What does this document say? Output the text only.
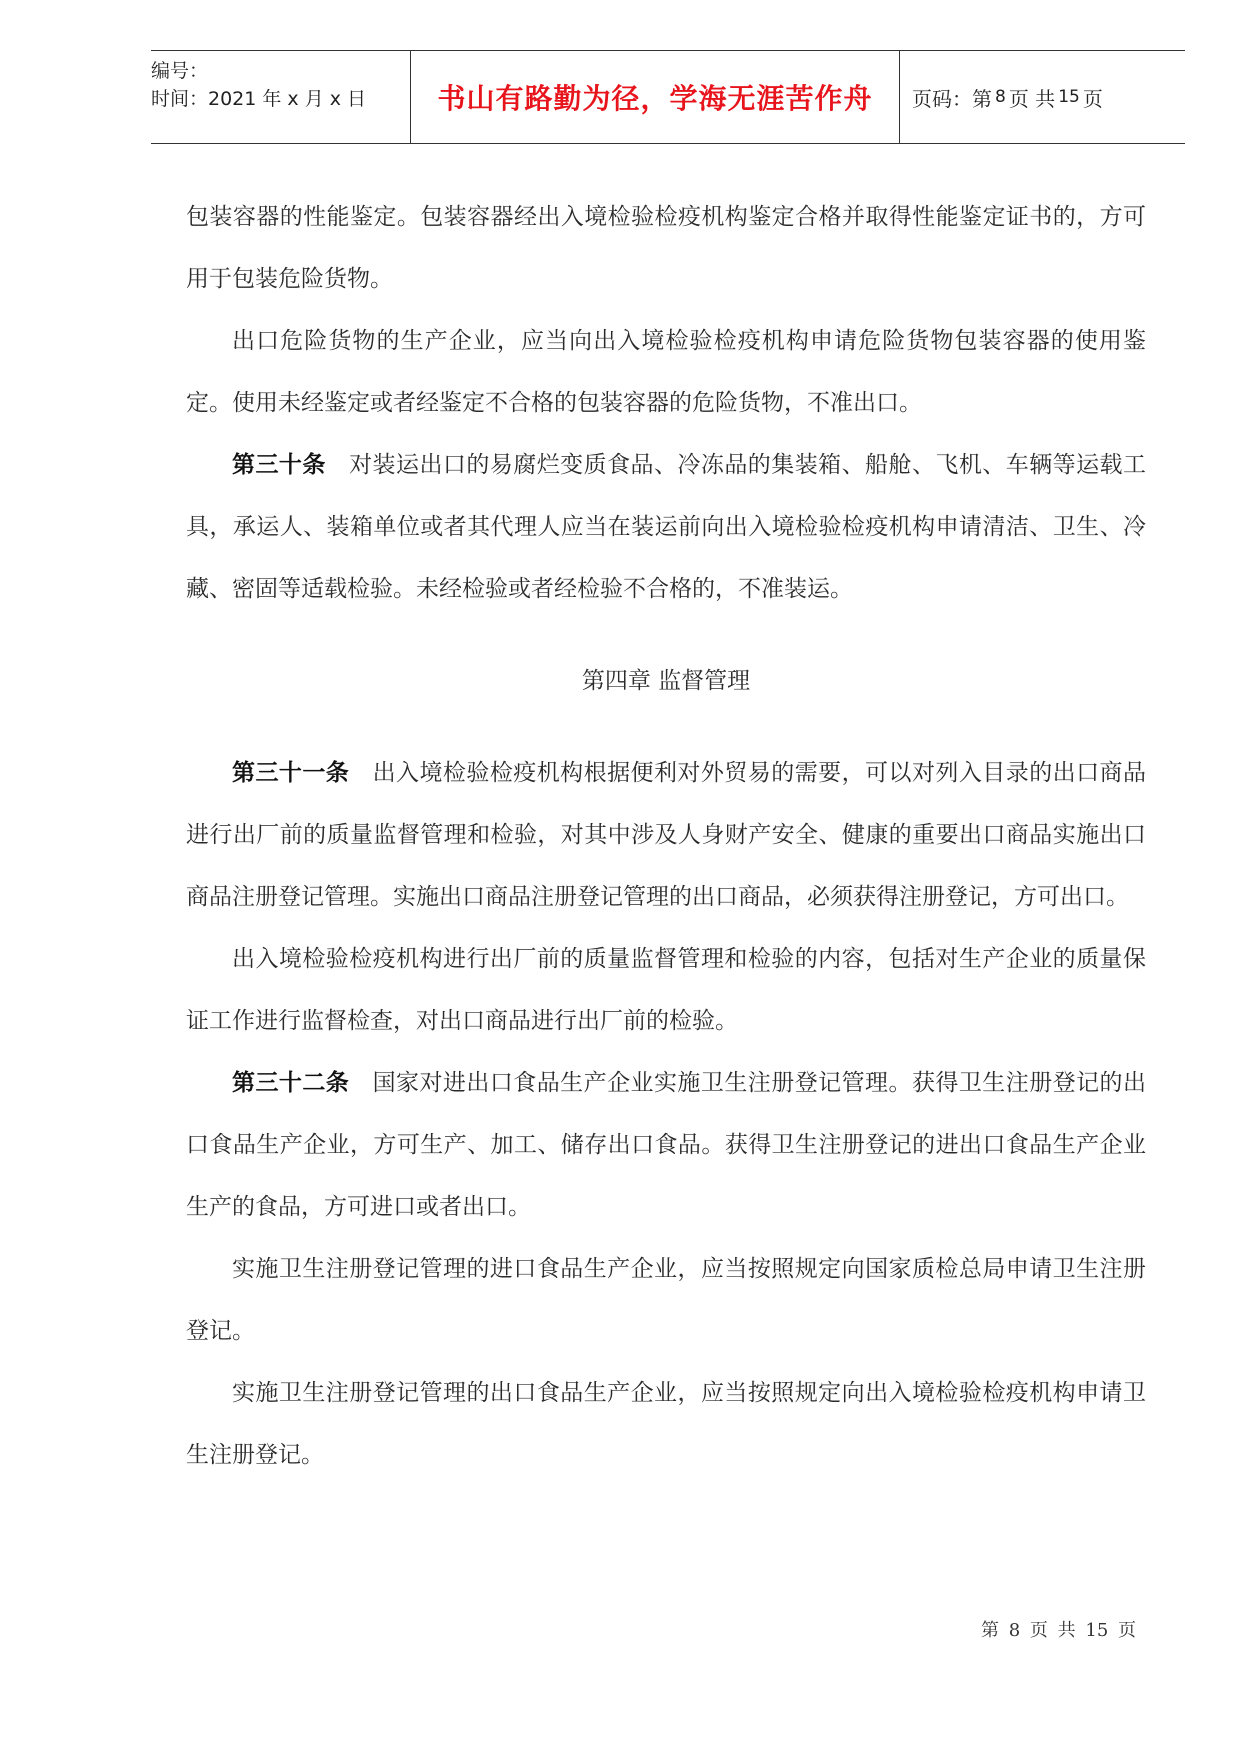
编号：
时间：2021 年 x 月 x 日	书山有路勤为径，学海无涯苦作舟	页码：第 8 页 共 15 页

包装容器的性能鉴定。包装容器经出入境检验检疫机构鉴定合格并取得性能鉴定证书的，方可用于包装危险货物。

出口危险货物的生产企业，应当向出入境检验检疫机构申请危险货物包装容器的使用鉴定。使用未经鉴定或者经鉴定不合格的包装容器的危险货物，不准出口。

第三十条 对装运出口的易腐烂变质食品、冷冻品的集装箱、船舱、飞机、车辆等运载工具，承运人、装箱单位或者其代理人应当在装运前向出入境检验检疫机构申请清洁、卫生、冷藏、密固等适载检验。未经检验或者经检验不合格的，不准装运。

第四章 监督管理

第三十一条 出入境检验检疫机构根据便利对外贸易的需要，可以对列入目录的出口商品进行出厂前的质量监督管理和检验，对其中涉及人身财产安全、健康的重要出口商品实施出口商品注册登记管理。实施出口商品注册登记管理的出口商品，必须获得注册登记，方可出口。

出入境检验检疫机构进行出厂前的质量监督管理和检验的内容，包括对生产企业的质量保证工作进行监督检查，对出口商品进行出厂前的检验。

第三十二条 国家对进出口食品生产企业实施卫生注册登记管理。获得卫生注册登记的出口食品生产企业，方可生产、加工、储存出口食品。获得卫生注册登记的进出口食品生产企业生产的食品，方可进口或者出口。

实施卫生注册登记管理的进口食品生产企业，应当按照规定向国家质检总局申请卫生注册登记。

实施卫生注册登记管理的出口食品生产企业，应当按照规定向出入境检验检疫机构申请卫生注册登记。

第 8 页 共 15 页
